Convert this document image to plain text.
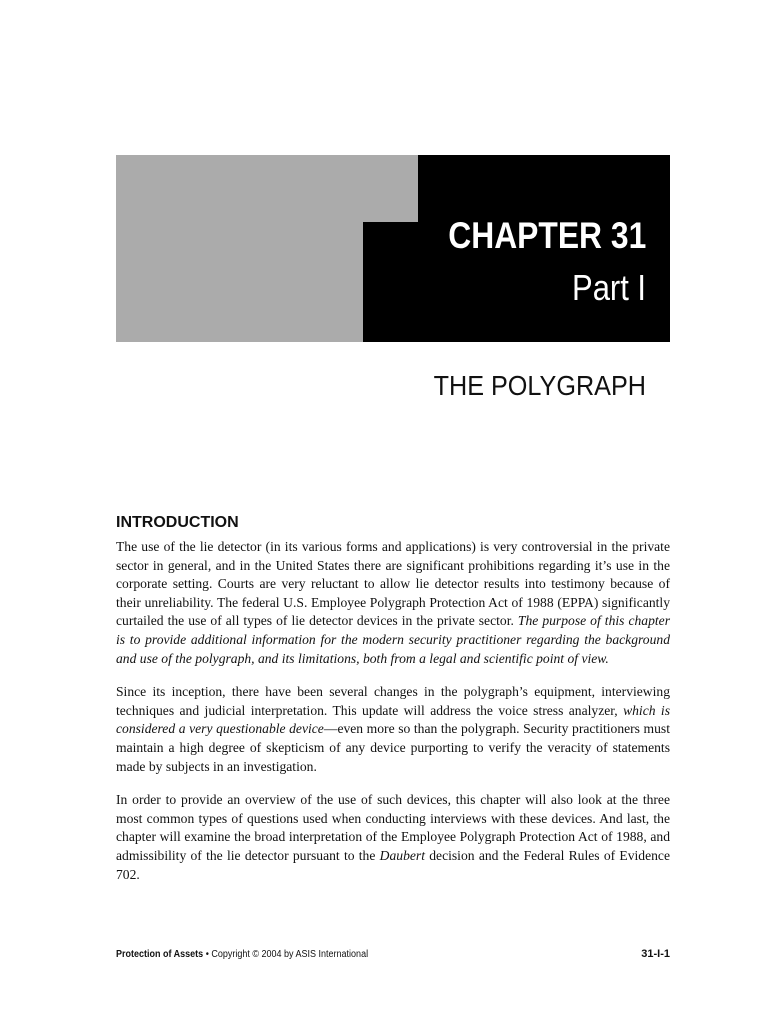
CHAPTER 31
Part I
THE POLYGRAPH
INTRODUCTION

The use of the lie detector (in its various forms and applications) is very controversial in the private sector in general, and in the United States there are significant prohibitions regarding it’s use in the corporate setting. Courts are very reluctant to allow lie detector results into testimony because of their unreliability. The federal U.S. Employee Polygraph Protection Act of 1988 (EPPA) significantly curtailed the use of all types of lie detector devices in the private sector. The purpose of this chapter is to provide additional information for the modern security practitioner regarding the background and use of the polygraph, and its limitations, both from a legal and scientific point of view.

Since its inception, there have been several changes in the polygraph’s equipment, interviewing techniques and judicial interpretation. This update will address the voice stress analyzer, which is considered a very questionable device—even more so than the polygraph. Security practitioners must maintain a high degree of skepticism of any device purporting to verify the veracity of statements made by subjects in an investigation.

In order to provide an overview of the use of such devices, this chapter will also look at the three most common types of questions used when conducting interviews with these devices. And last, the chapter will examine the broad interpretation of the Employee Polygraph Protection Act of 1988, and admissibility of the lie detector pursuant to the Daubert decision and the Federal Rules of Evidence 702.

Protection of Assets • Copyright © 2004 by ASIS International	31-I-1
